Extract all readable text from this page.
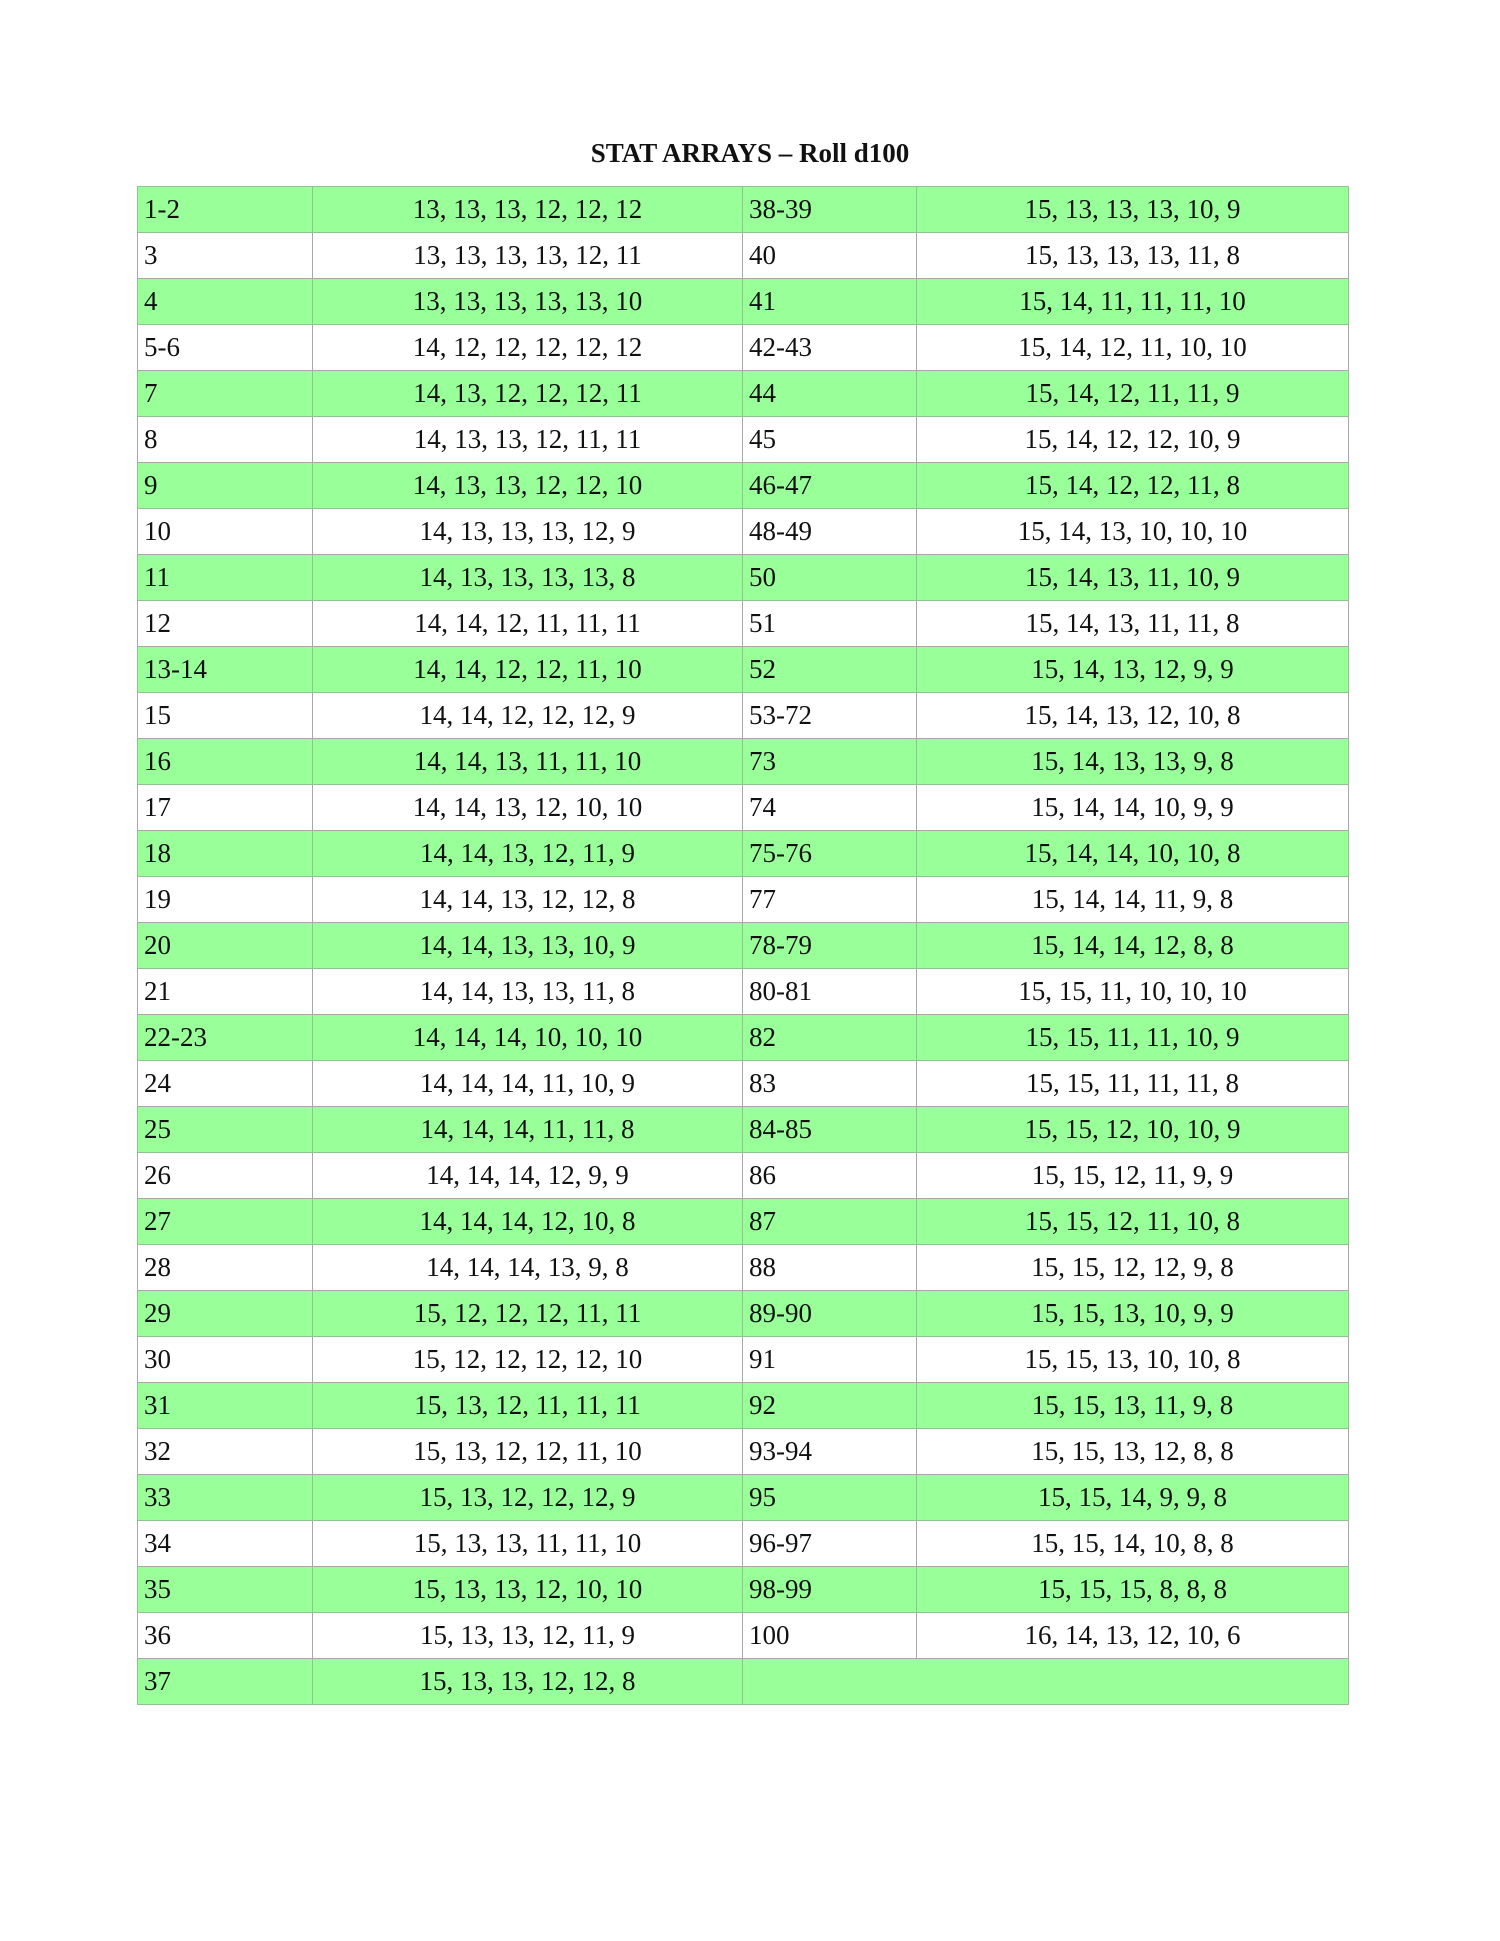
STAT ARRAYS – Roll d100
1-2	13, 13, 13, 12, 12, 12	38-39	15, 13, 13, 13, 10, 9
3	13, 13, 13, 13, 12, 11	40	15, 13, 13, 13, 11, 8
4	13, 13, 13, 13, 13, 10	41	15, 14, 11, 11, 11, 10
5-6	14, 12, 12, 12, 12, 12	42-43	15, 14, 12, 11, 10, 10
7	14, 13, 12, 12, 12, 11	44	15, 14, 12, 11, 11, 9
8	14, 13, 13, 12, 11, 11	45	15, 14, 12, 12, 10, 9
9	14, 13, 13, 12, 12, 10	46-47	15, 14, 12, 12, 11, 8
10	14, 13, 13, 13, 12, 9	48-49	15, 14, 13, 10, 10, 10
11	14, 13, 13, 13, 13, 8	50	15, 14, 13, 11, 10, 9
12	14, 14, 12, 11, 11, 11	51	15, 14, 13, 11, 11, 8
13-14	14, 14, 12, 12, 11, 10	52	15, 14, 13, 12, 9, 9
15	14, 14, 12, 12, 12, 9	53-72	15, 14, 13, 12, 10, 8
16	14, 14, 13, 11, 11, 10	73	15, 14, 13, 13, 9, 8
17	14, 14, 13, 12, 10, 10	74	15, 14, 14, 10, 9, 9
18	14, 14, 13, 12, 11, 9	75-76	15, 14, 14, 10, 10, 8
19	14, 14, 13, 12, 12, 8	77	15, 14, 14, 11, 9, 8
20	14, 14, 13, 13, 10, 9	78-79	15, 14, 14, 12, 8, 8
21	14, 14, 13, 13, 11, 8	80-81	15, 15, 11, 10, 10, 10
22-23	14, 14, 14, 10, 10, 10	82	15, 15, 11, 11, 10, 9
24	14, 14, 14, 11, 10, 9	83	15, 15, 11, 11, 11, 8
25	14, 14, 14, 11, 11, 8	84-85	15, 15, 12, 10, 10, 9
26	14, 14, 14, 12, 9, 9	86	15, 15, 12, 11, 9, 9
27	14, 14, 14, 12, 10, 8	87	15, 15, 12, 11, 10, 8
28	14, 14, 14, 13, 9, 8	88	15, 15, 12, 12, 9, 8
29	15, 12, 12, 12, 11, 11	89-90	15, 15, 13, 10, 9, 9
30	15, 12, 12, 12, 12, 10	91	15, 15, 13, 10, 10, 8
31	15, 13, 12, 11, 11, 11	92	15, 15, 13, 11, 9, 8
32	15, 13, 12, 12, 11, 10	93-94	15, 15, 13, 12, 8, 8
33	15, 13, 12, 12, 12, 9	95	15, 15, 14, 9, 9, 8
34	15, 13, 13, 11, 11, 10	96-97	15, 15, 14, 10, 8, 8
35	15, 13, 13, 12, 10, 10	98-99	15, 15, 15, 8, 8, 8
36	15, 13, 13, 12, 11, 9	100	16, 14, 13, 12, 10, 6
37	15, 13, 13, 12, 12, 8		
